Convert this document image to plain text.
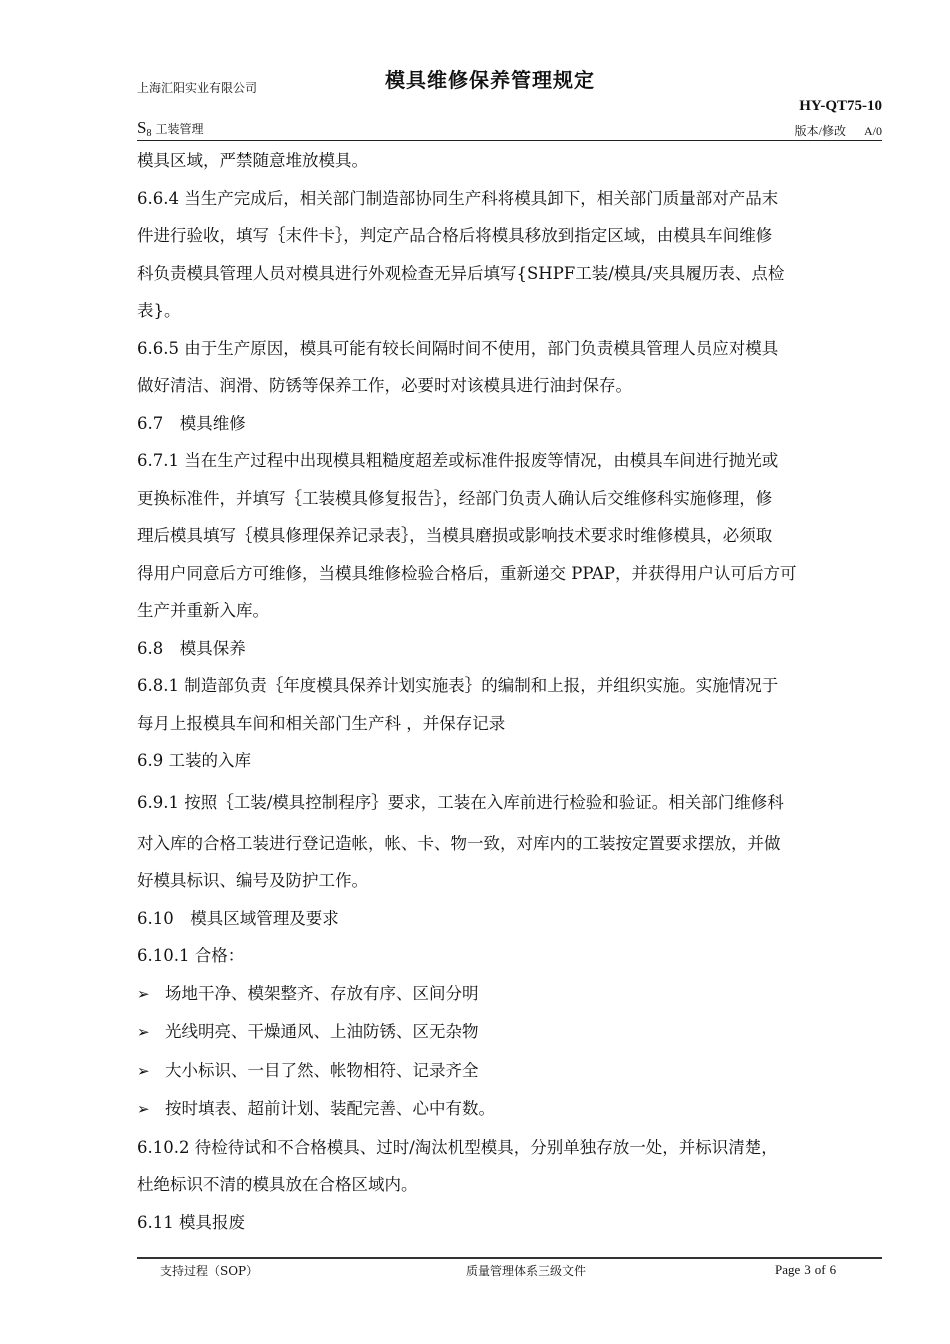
上海汇阳实业有限公司	模具维修保养管理规定
HY-QT75-10
$S_8$ 工装管理	版本/修改 A/0

模具区域，严禁随意堆放模具。

6.6.4 当生产完成后，相关部门制造部协同生产科将模具卸下，相关部门质量部对产品末

件进行验收，填写｛末件卡｝，判定产品合格后将模具移放到指定区域，由模具车间维修

科负责模具管理人员对模具进行外观检查无异后填写{SHPF工装/模具/夹具履历表、点检

表}。

6.6.5 由于生产原因，模具可能有较长间隔时间不使用，部门负责模具管理人员应对模具

做好清洁、润滑、防锈等保养工作，必要时对该模具进行油封保存。

6.7　模具维修

6.7.1 当在生产过程中出现模具粗糙度超差或标准件报废等情况，由模具车间进行抛光或

更换标准件，并填写｛工装模具修复报告｝，经部门负责人确认后交维修科实施修理，修

理后模具填写｛模具修理保养记录表｝，当模具磨损或影响技术要求时维修模具，必须取

得用户同意后方可维修，当模具维修检验合格后，重新递交 PPAP，并获得用户认可后方可

生产并重新入库。

6.8　模具保养

6.8.1 制造部负责｛年度模具保养计划实施表｝的编制和上报，并组织实施。实施情况于

每月上报模具车间和相关部门生产科 ，并保存记录

6.9 工装的入库

6.9.1 按照｛工装/模具控制程序｝要求，工装在入库前进行检验和验证。相关部门维修科

对入库的合格工装进行登记造帐，帐、卡、物一致，对库内的工装按定置要求摆放，并做

好模具标识、编号及防护工作。

6.10　模具区域管理及要求

6.10.1 合格：

➢ 场地干净、模架整齐、存放有序、区间分明

➢ 光线明亮、干燥通风、上油防锈、区无杂物

➢ 大小标识、一目了然、帐物相符、记录齐全

➢ 按时填表、超前计划、装配完善、心中有数。

6.10.2 待检待试和不合格模具、过时/淘汰机型模具，分别单独存放一处，并标识清楚，

杜绝标识不清的模具放在合格区域内。

6.11 模具报废

支持过程（SOP）	质量管理体系三级文件	Page 3 of 6
